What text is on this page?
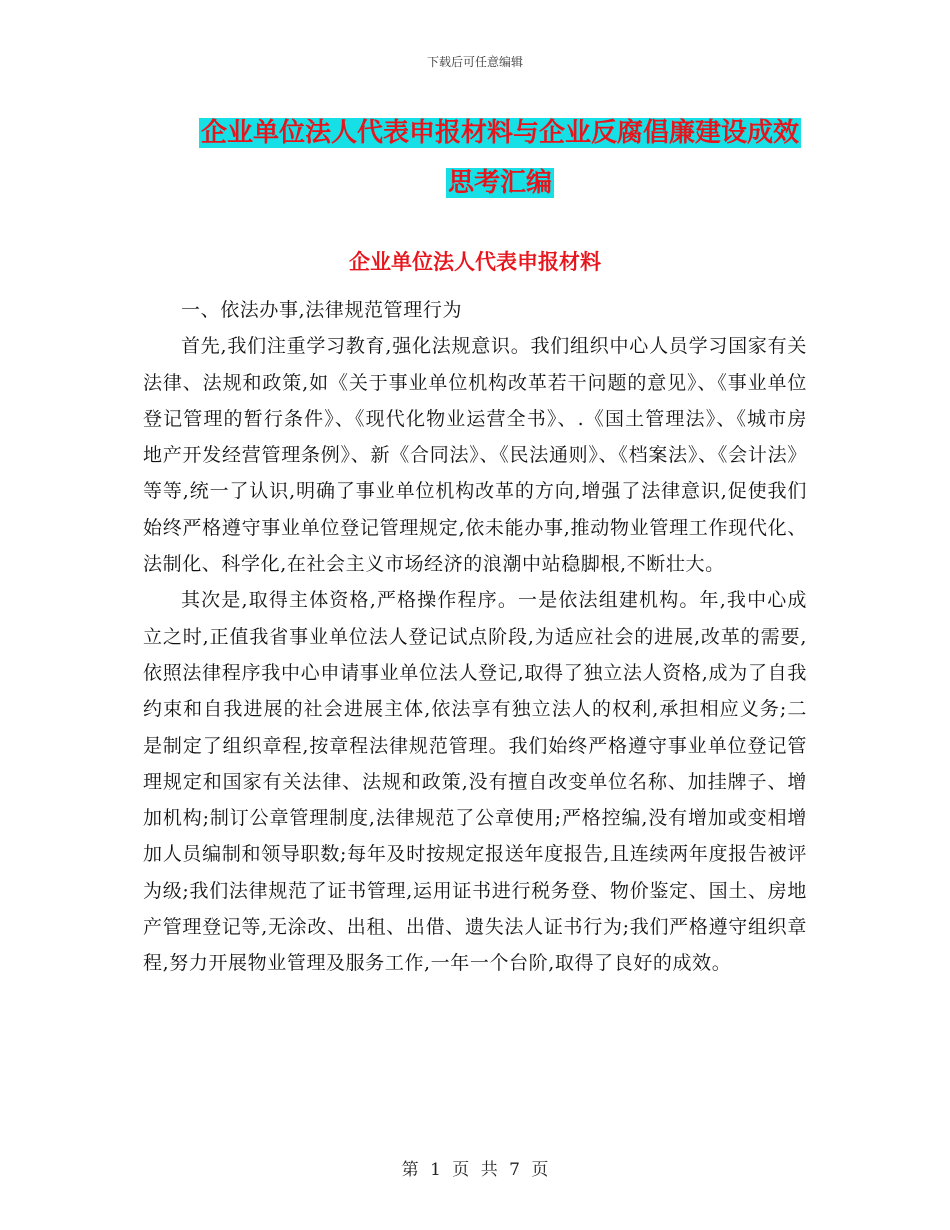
下载后可任意编辑
企业单位法人代表申报材料与企业反腐倡廉建设成效
思考汇编
企业单位法人代表申报材料

一、依法办事,法律规范管理行为

首先,我们注重学习教育,强化法规意识。我们组织中心人员学习国家有关法律、法规和政策,如《关于事业单位机构改革若干问题的意见》、《事业单位登记管理的暂行条件》、《现代化物业运营全书》、.《国土管理法》、《城市房地产开发经营管理条例》、新《合同法》、《民法通则》、《档案法》、《会计法》等等,统一了认识,明确了事业单位机构改革的方向,增强了法律意识,促使我们始终严格遵守事业单位登记管理规定,依未能办事,推动物业管理工作现代化、法制化、科学化,在社会主义市场经济的浪潮中站稳脚根,不断壮大。

其次是,取得主体资格,严格操作程序。一是依法组建机构。年,我中心成立之时,正值我省事业单位法人登记试点阶段,为适应社会的进展,改革的需要,依照法律程序我中心申请事业单位法人登记,取得了独立法人资格,成为了自我约束和自我进展的社会进展主体,依法享有独立法人的权利,承担相应义务;二是制定了组织章程,按章程法律规范管理。我们始终严格遵守事业单位登记管理规定和国家有关法律、法规和政策,没有擅自改变单位名称、加挂牌子、增加机构;制订公章管理制度,法律规范了公章使用;严格控编,没有增加或变相增加人员编制和领导职数;每年及时按规定报送年度报告,且连续两年度报告被评为级;我们法律规范了证书管理,运用证书进行税务登、物价鉴定、国土、房地产管理登记等,无涂改、出租、出借、遗失法人证书行为;我们严格遵守组织章程,努力开展物业管理及服务工作,一年一个台阶,取得了良好的成效。

第 1 页 共 7 页
